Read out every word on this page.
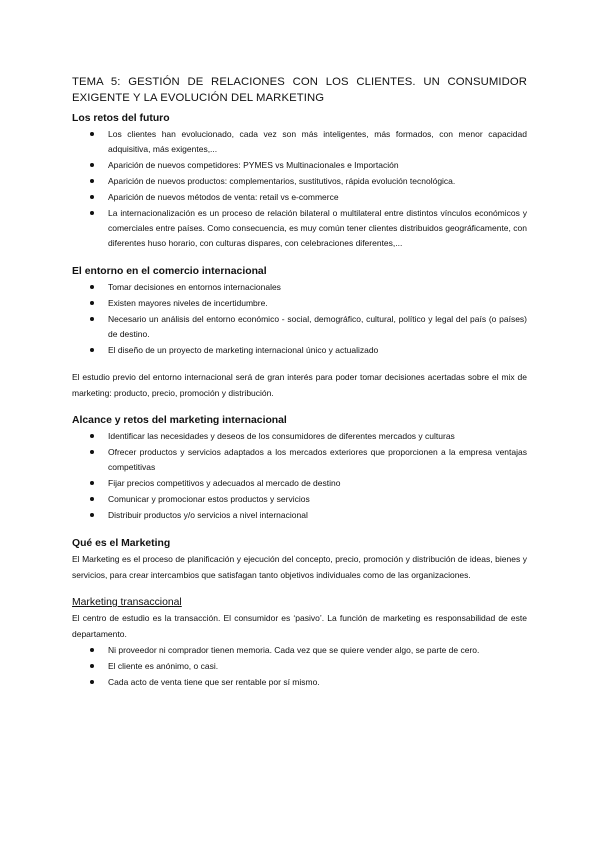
TEMA 5: GESTIÓN DE RELACIONES CON LOS CLIENTES. UN CONSUMIDOR EXIGENTE Y LA EVOLUCIÓN DEL MARKETING
Los retos del futuro
Los clientes han evolucionado, cada vez son más inteligentes, más formados, con menor capacidad adquisitiva, más exigentes,...
Aparición de nuevos competidores: PYMES vs Multinacionales e Importación
Aparición de nuevos productos: complementarios, sustitutivos, rápida evolución tecnológica.
Aparición de nuevos métodos de venta: retail vs e-commerce
La internacionalización es un proceso de relación bilateral o multilateral entre distintos vínculos económicos y comerciales entre países. Como consecuencia, es muy común tener clientes distribuidos geográficamente, con diferentes huso horario, con culturas dispares, con celebraciones diferentes,...
El entorno en el comercio internacional
Tomar decisiones en entornos internacionales
Existen mayores niveles de incertidumbre.
Necesario un análisis del entorno económico - social, demográfico, cultural, político y legal del país (o países) de destino.
El diseño de un proyecto de marketing internacional único y actualizado

El estudio previo del entorno internacional será de gran interés para poder tomar decisiones acertadas sobre el mix de marketing: producto, precio, promoción y distribución.

Alcance y retos del marketing internacional
Identificar las necesidades y deseos de los consumidores de diferentes mercados y culturas
Ofrecer productos y servicios adaptados a los mercados exteriores que proporcionen a la empresa ventajas competitivas
Fijar precios competitivos y adecuados al mercado de destino
Comunicar y promocionar estos productos y servicios
Distribuir productos y/o servicios a nivel internacional
Qué es el Marketing

El Marketing es el proceso de planificación y ejecución del concepto, precio, promoción y distribución de ideas, bienes y servicios, para crear intercambios que satisfagan tanto objetivos individuales como de las organizaciones.

Marketing transaccional

El centro de estudio es la transacción. El consumidor es ‘pasivo’. La función de marketing es responsabilidad de este departamento.

Ni proveedor ni comprador tienen memoria. Cada vez que se quiere vender algo, se parte de cero.
El cliente es anónimo, o casi.
Cada acto de venta tiene que ser rentable por sí mismo.
